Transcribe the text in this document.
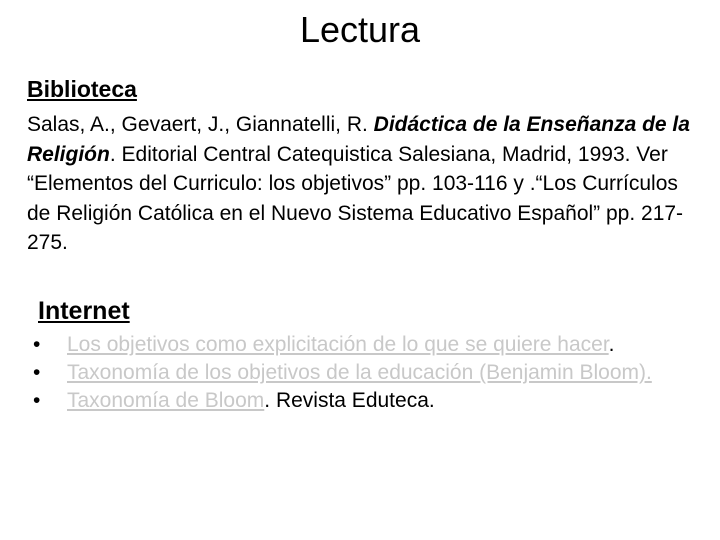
Lectura
Biblioteca
Salas, A., Gevaert, J., Giannatelli, R. Didáctica de la Enseñanza de la Religión. Editorial Central Catequistica Salesiana, Madrid, 1993. Ver “Elementos del Curriculo: los objetivos” pp. 103-116 y .“Los Currículos de Religión Católica en el Nuevo Sistema Educativo Español” pp. 217- 275.
Internet
• Los objetivos como explicitación de lo que se quiere hacer.
• Taxonomía de los objetivos de la educación (Benjamin Bloom).
• Taxonomía de Bloom. Revista Eduteca.
